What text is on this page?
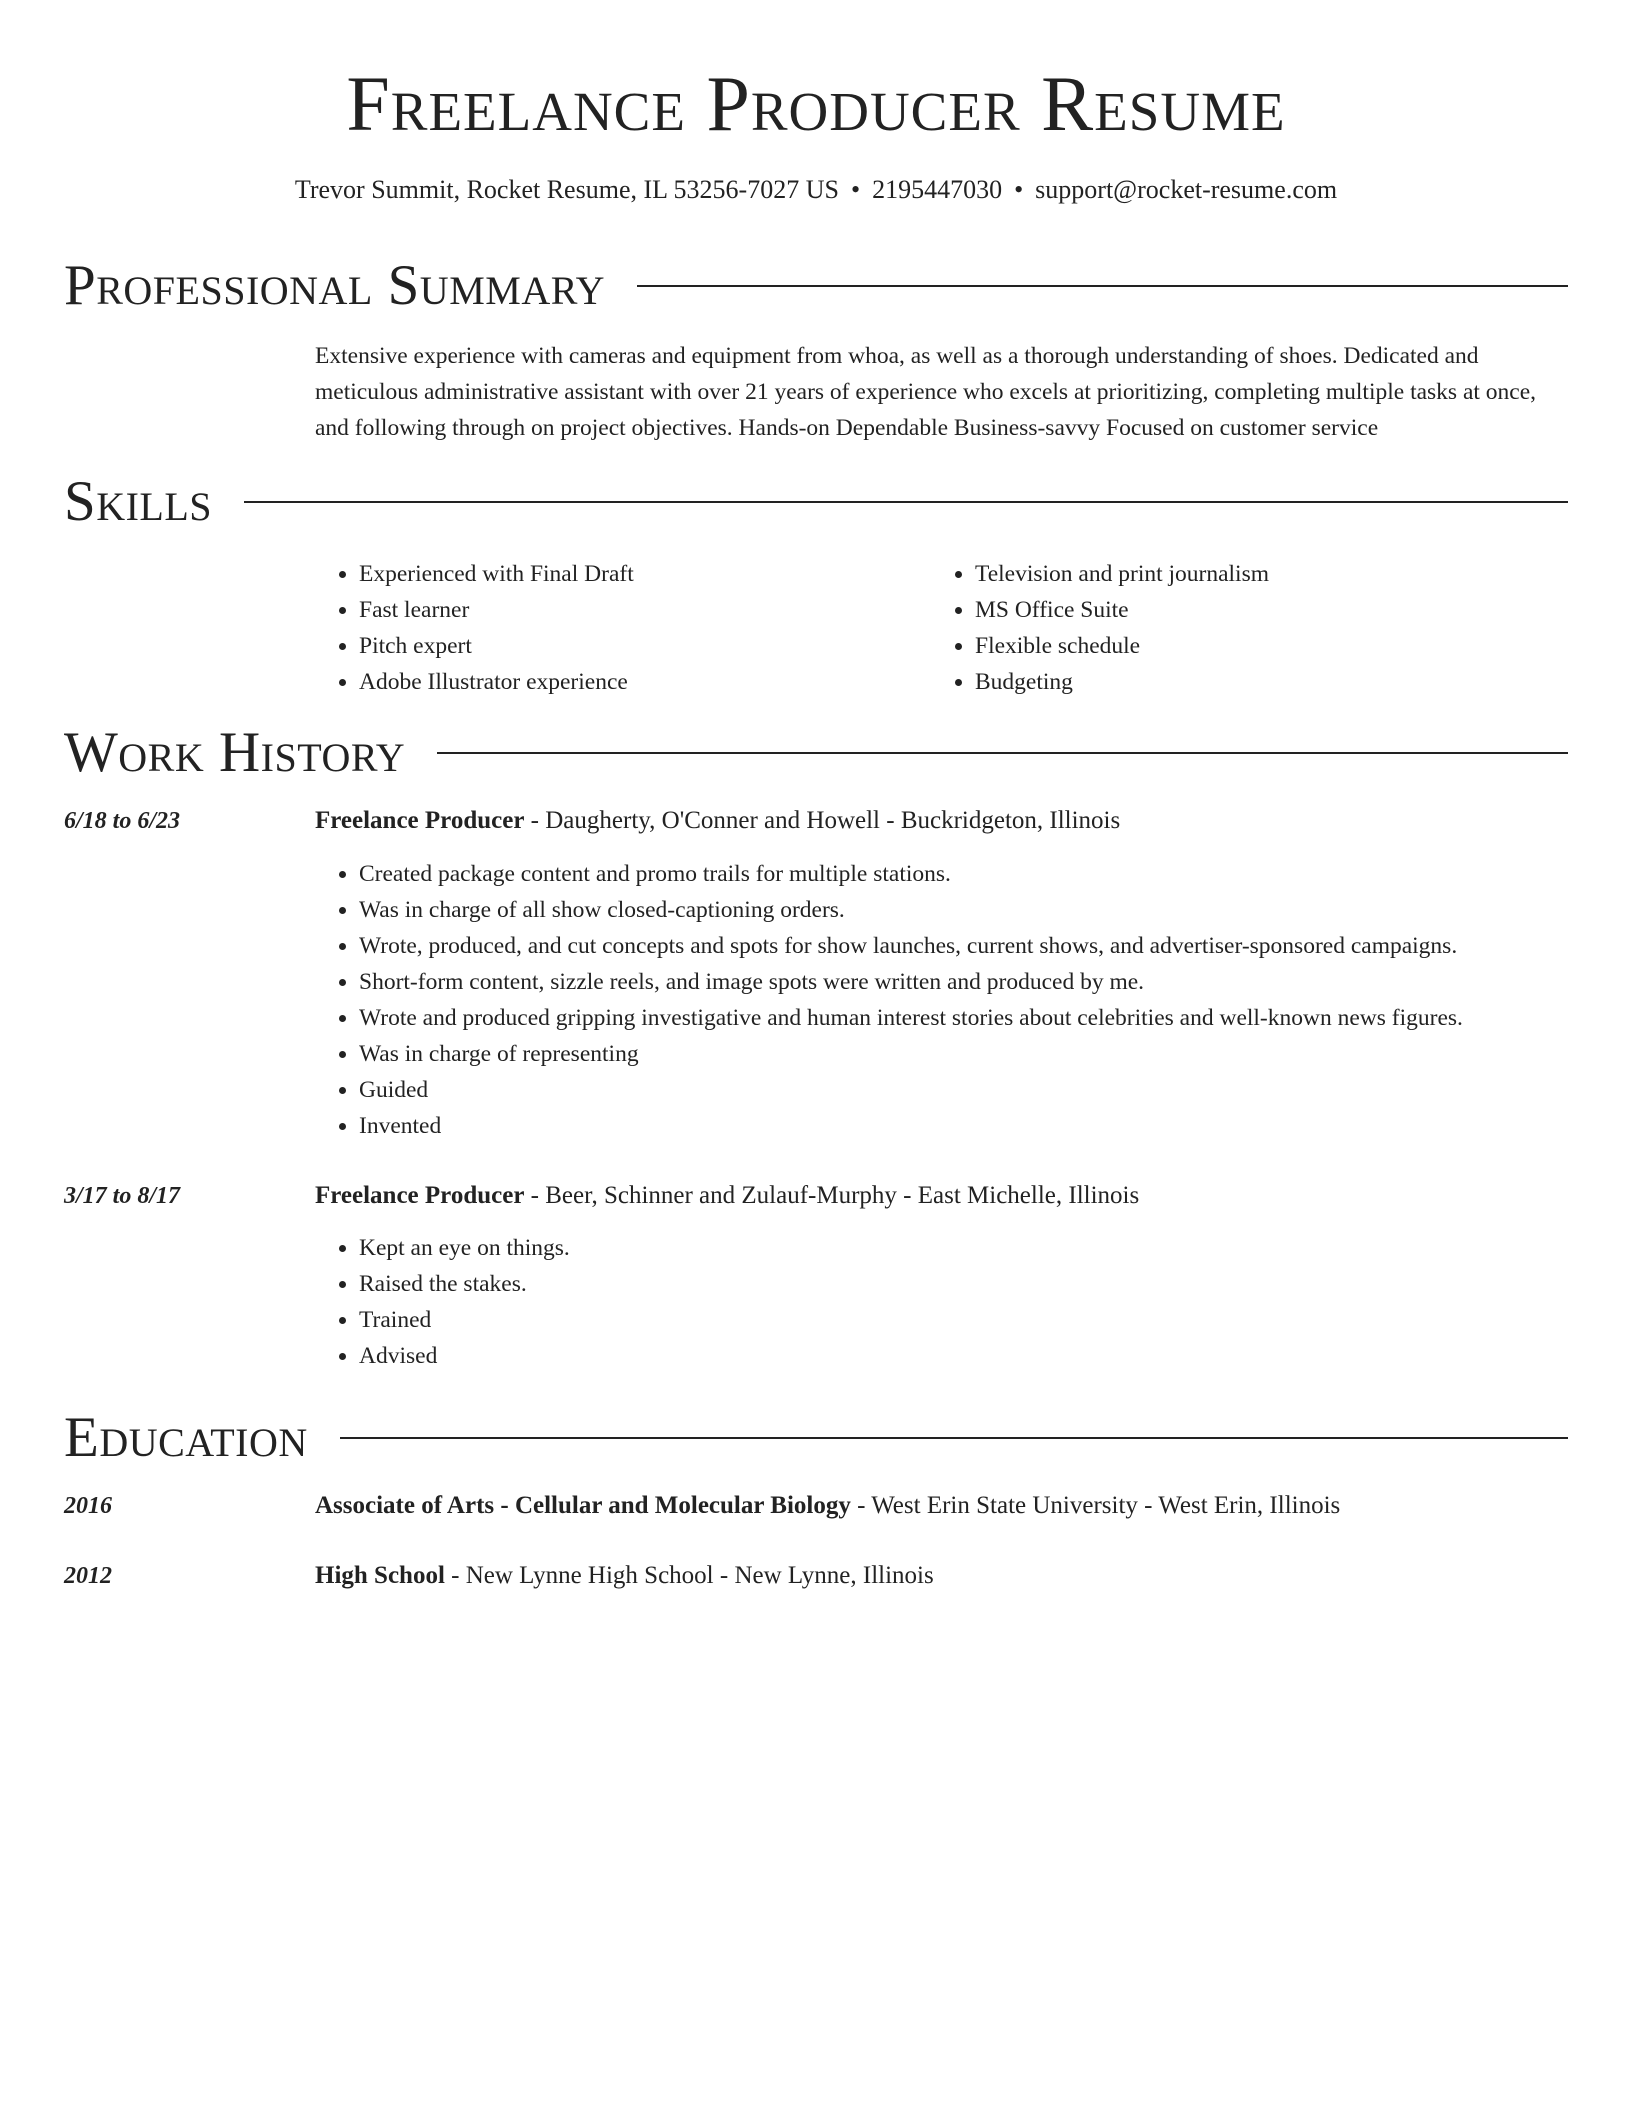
Freelance Producer Resume

Trevor Summit, Rocket Resume, IL 53256-7027 US • 2195447030 • support@rocket-resume.com

Professional Summary

Extensive experience with cameras and equipment from whoa, as well as a thorough understanding of shoes. Dedicated and meticulous administrative assistant with over 21 years of experience who excels at prioritizing, completing multiple tasks at once, and following through on project objectives. Hands-on Dependable Business-savvy Focused on customer service

Skills
• Experienced with Final Draft
• Fast learner
• Pitch expert
• Adobe Illustrator experience
• Television and print journalism
• MS Office Suite
• Flexible schedule
• Budgeting
Work History
6/18 to 6/23	Freelance Producer - Daugherty, O'Conner and Howell - Buckridgeton, Illinois
• Created package content and promo trails for multiple stations.
• Was in charge of all show closed-captioning orders.
• Wrote, produced, and cut concepts and spots for show launches, current shows, and advertiser-sponsored campaigns.
• Short-form content, sizzle reels, and image spots were written and produced by me.
• Wrote and produced gripping investigative and human interest stories about celebrities and well-known news figures.
• Was in charge of representing
• Guided
• Invented
3/17 to 8/17	Freelance Producer - Beer, Schinner and Zulauf-Murphy - East Michelle, Illinois
• Kept an eye on things.
• Raised the stakes.
• Trained
• Advised
Education
2016	Associate of Arts - Cellular and Molecular Biology - West Erin State University - West Erin, Illinois
2012	High School - New Lynne High School - New Lynne, Illinois
